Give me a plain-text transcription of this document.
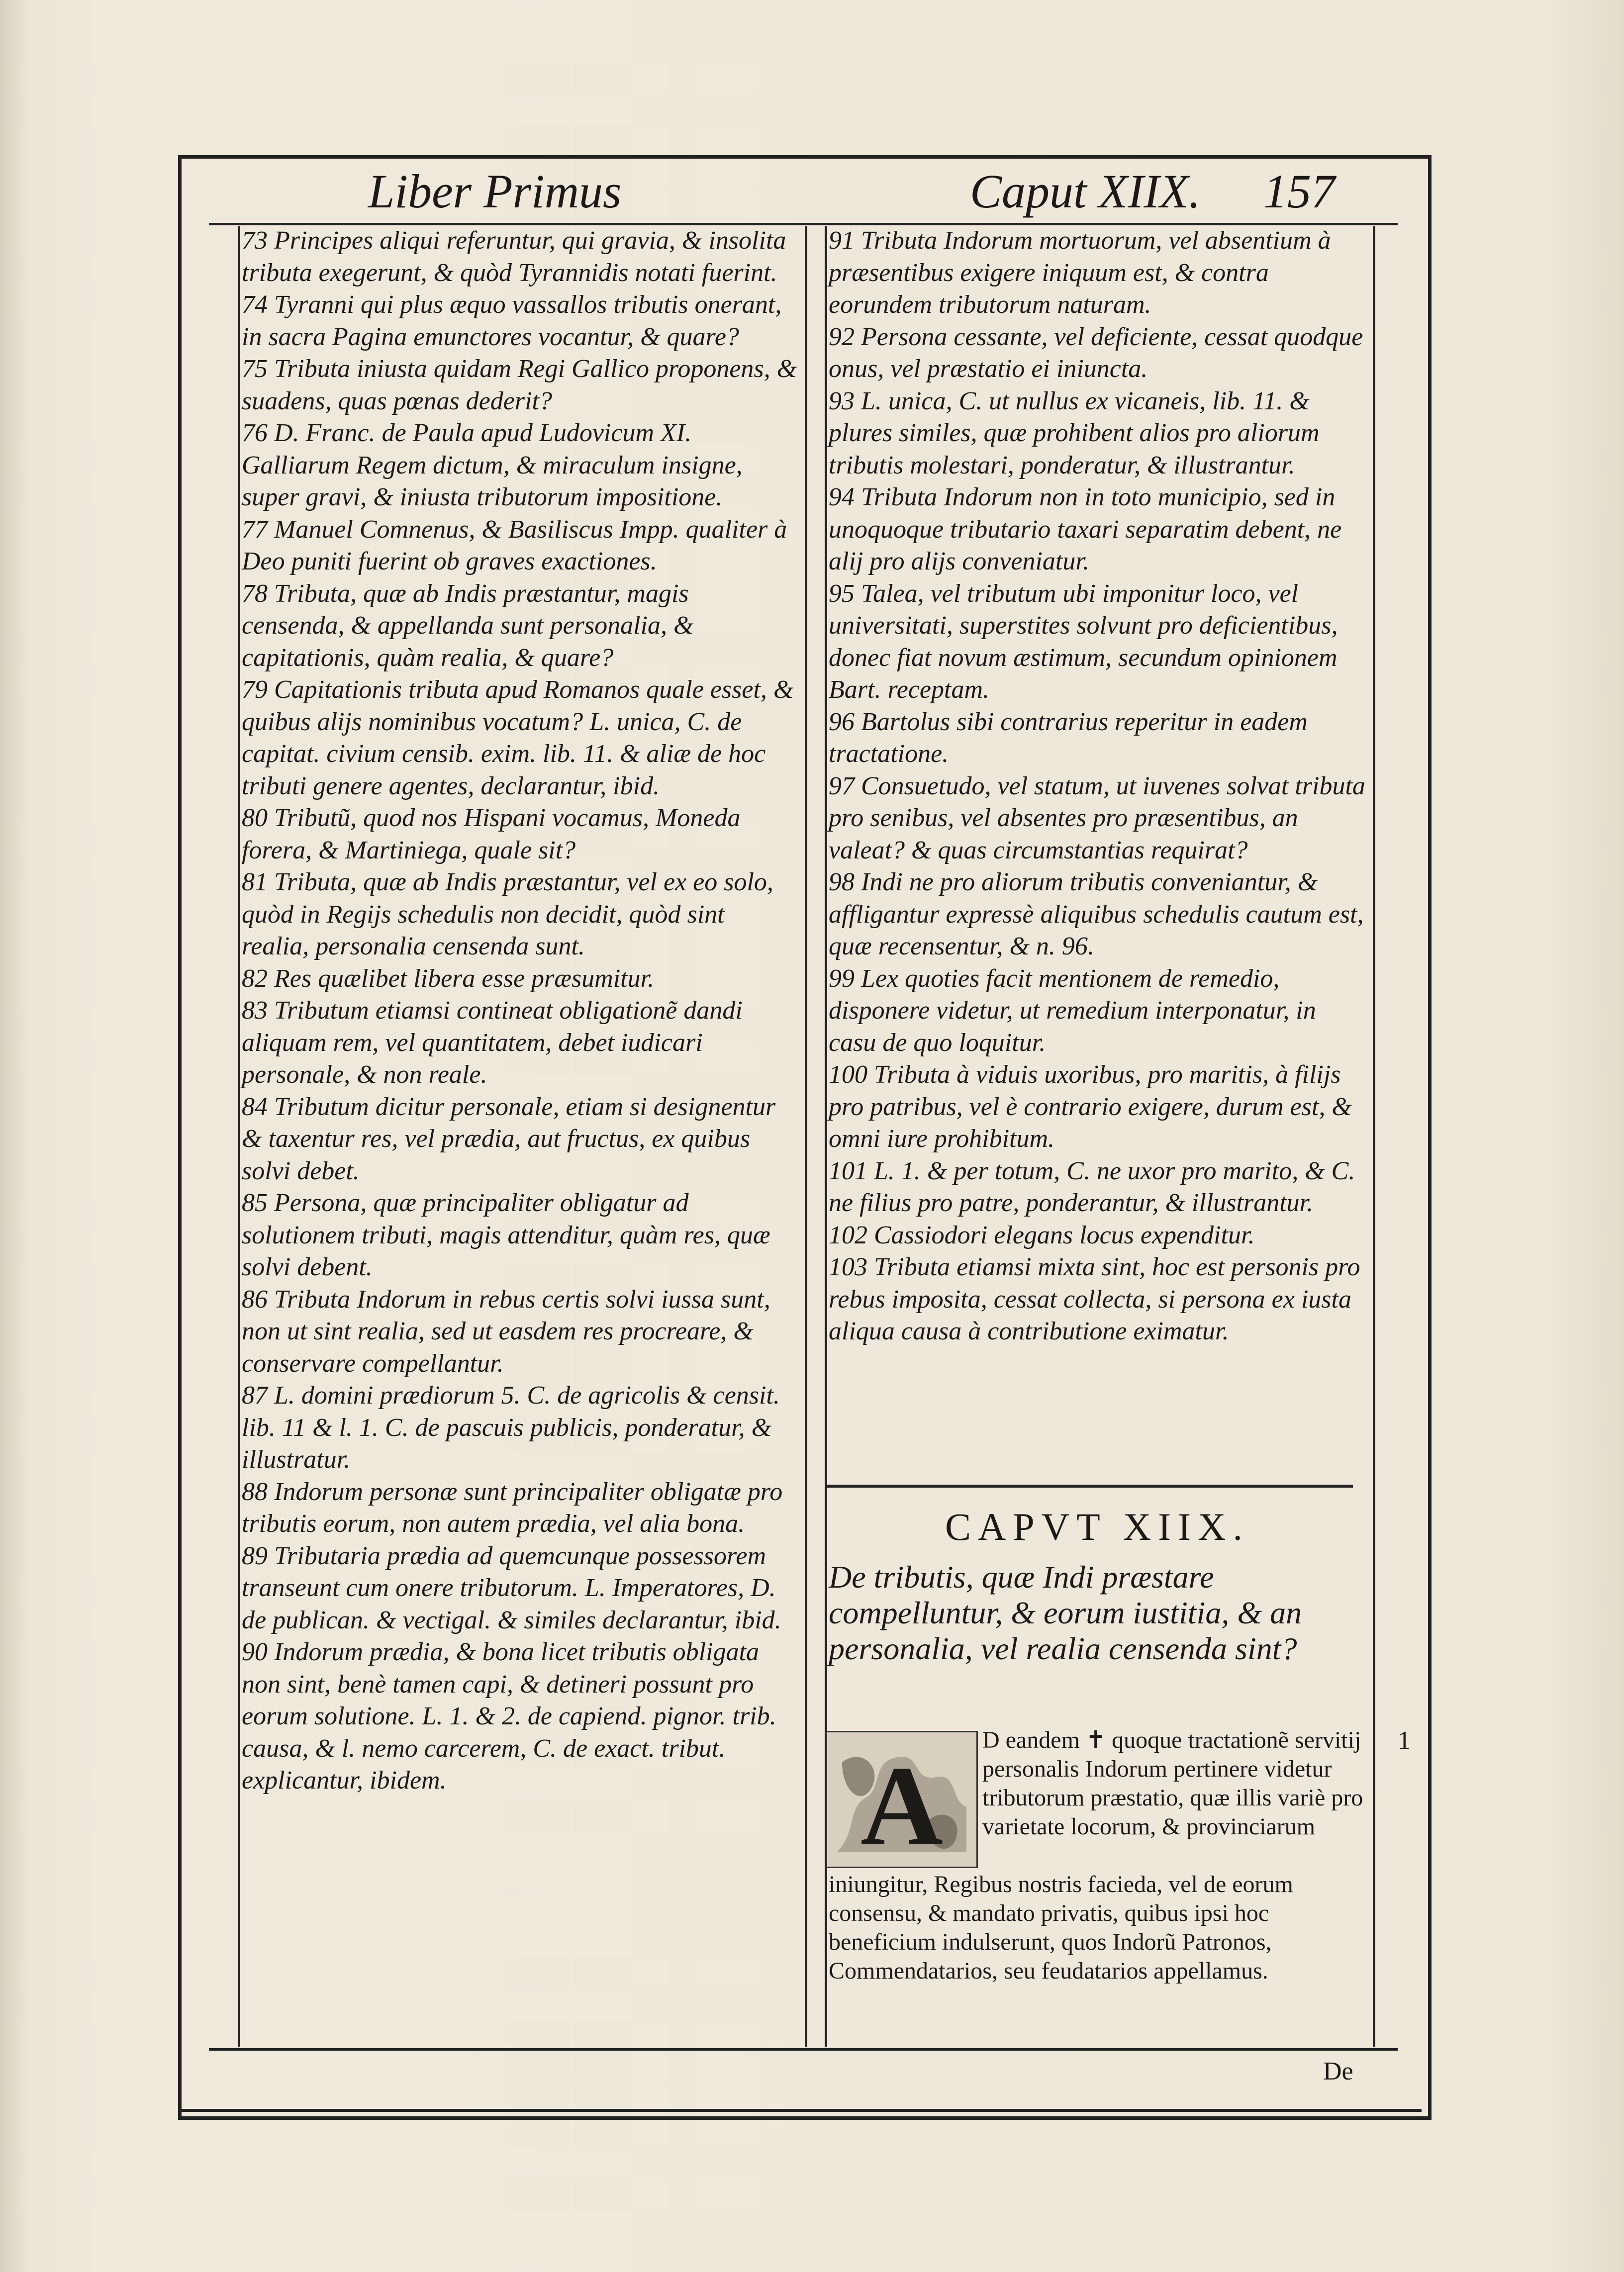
Liber Primus	Caput XIIX. 157

73 Principes aliqui referuntur, qui gravia, & insolita tributa exegerunt, & quòd Tyrannidis notati fuerint.

74 Tyranni qui plus æquo vassallos tributis onerant, in sacra Pagina emunctores vocantur, & quare?

75 Tributa iniusta quidam Regi Gallico proponens, & suadens, quas pœnas dederit?

76 D. Franc. de Paula apud Ludovicum XI. Galliarum Regem dictum, & miraculum insigne, super gravi, & iniusta tributorum impositione.

77 Manuel Comnenus, & Basiliscus Impp. qualiter à Deo puniti fuerint ob graves exactiones.

78 Tributa, quæ ab Indis præstantur, magis censenda, & appellanda sunt personalia, & capitationis, quàm realia, & quare?

79 Capitationis tributa apud Romanos quale esset, & quibus alijs nominibus vocatum? L. unica, C. de capitat. civium censib. exim. lib. 11. & aliæ de hoc tributi genere agentes, declarantur, ibid.

80 Tributũ, quod nos Hispani vocamus, Moneda forera, & Martiniega, quale sit?

81 Tributa, quæ ab Indis præstantur, vel ex eo solo, quòd in Regijs schedulis non decidit, quòd sint realia, personalia censenda sunt.

82 Res quælibet libera esse præsumitur.

83 Tributum etiamsi contineat obligationẽ dandi aliquam rem, vel quantitatem, debet iudicari personale, & non reale.

84 Tributum dicitur personale, etiam si designentur & taxentur res, vel prædia, aut fructus, ex quibus solvi debet.

85 Persona, quæ principaliter obligatur ad solutionem tributi, magis attenditur, quàm res, quæ solvi debent.

86 Tributa Indorum in rebus certis solvi iussa sunt, non ut sint realia, sed ut easdem res procreare, & conservare compellantur.

87 L. domini prædiorum 5. C. de agricolis & censit. lib. 11 & l. 1. C. de pascuis publicis, ponderatur, & illustratur.

88 Indorum personæ sunt principaliter obligatæ pro tributis eorum, non autem prædia, vel alia bona.

89 Tributaria prædia ad quemcunque possessorem transeunt cum onere tributorum. L. Imperatores, D. de publican. & vectigal. & similes declarantur, ibid.

90 Indorum prædia, & bona licet tributis obligata non sint, benè tamen capi, & detineri possunt pro eorum solutione. L. 1. & 2. de capiend. pignor. trib. causa, & l. nemo carcerem, C. de exact. tribut. explicantur, ibidem.

91 Tributa Indorum mortuorum, vel absentium à præsentibus exigere iniquum est, & contra eorundem tributorum naturam.

92 Persona cessante, vel deficiente, cessat quodque onus, vel præstatio ei iniuncta.

93 L. unica, C. ut nullus ex vicaneis, lib. 11. & plures similes, quæ prohibent alios pro aliorum tributis molestari, ponderatur, & illustrantur.

94 Tributa Indorum non in toto municipio, sed in unoquoque tributario taxari separatim debent, ne alij pro alijs conveniatur.

95 Talea, vel tributum ubi imponitur loco, vel universitati, superstites solvunt pro deficientibus, donec fiat novum æstimum, secundum opinionem Bart. receptam.

96 Bartolus sibi contrarius reperitur in eadem tractatione.

97 Consuetudo, vel statum, ut iuvenes solvat tributa pro senibus, vel absentes pro præsentibus, an valeat? & quas circumstantias requirat?

98 Indi ne pro aliorum tributis conveniantur, & affligantur expressè aliquibus schedulis cautum est, quæ recensentur, & n. 96.

99 Lex quoties facit mentionem de remedio, disponere videtur, ut remedium interponatur, in casu de quo loquitur.

100 Tributa à viduis uxoribus, pro maritis, à filijs pro patribus, vel è contrario exigere, durum est, & omni iure prohibitum.

101 L. 1. & per totum, C. ne uxor pro marito, & C. ne filius pro patre, ponderantur, & illustrantur.

102 Cassiodori elegans locus expenditur.

103 Tributa etiamsi mixta sint, hoc est personis pro rebus imposita, cessat collecta, si persona ex iusta aliqua causa à contributione eximatur.

CAPVT XIIX.
De tributis, quæ Indi præstare compelluntur, & eorum iustitia, & an personalia, vel realia censenda sint?
A
D eandem ✝ quoque tractationẽ servitij personalis Indorum pertinere videtur tributorum præstatio, quæ illis variè pro varietate locorum, & provinciarum
iniungitur, Regibus nostris facieda, vel de eorum consensu, & mandato privatis, quibus ipsi hoc beneficium indulserunt, quos Indorũ Patronos, Commendatarios, seu feudatarios appellamus.
1
De
